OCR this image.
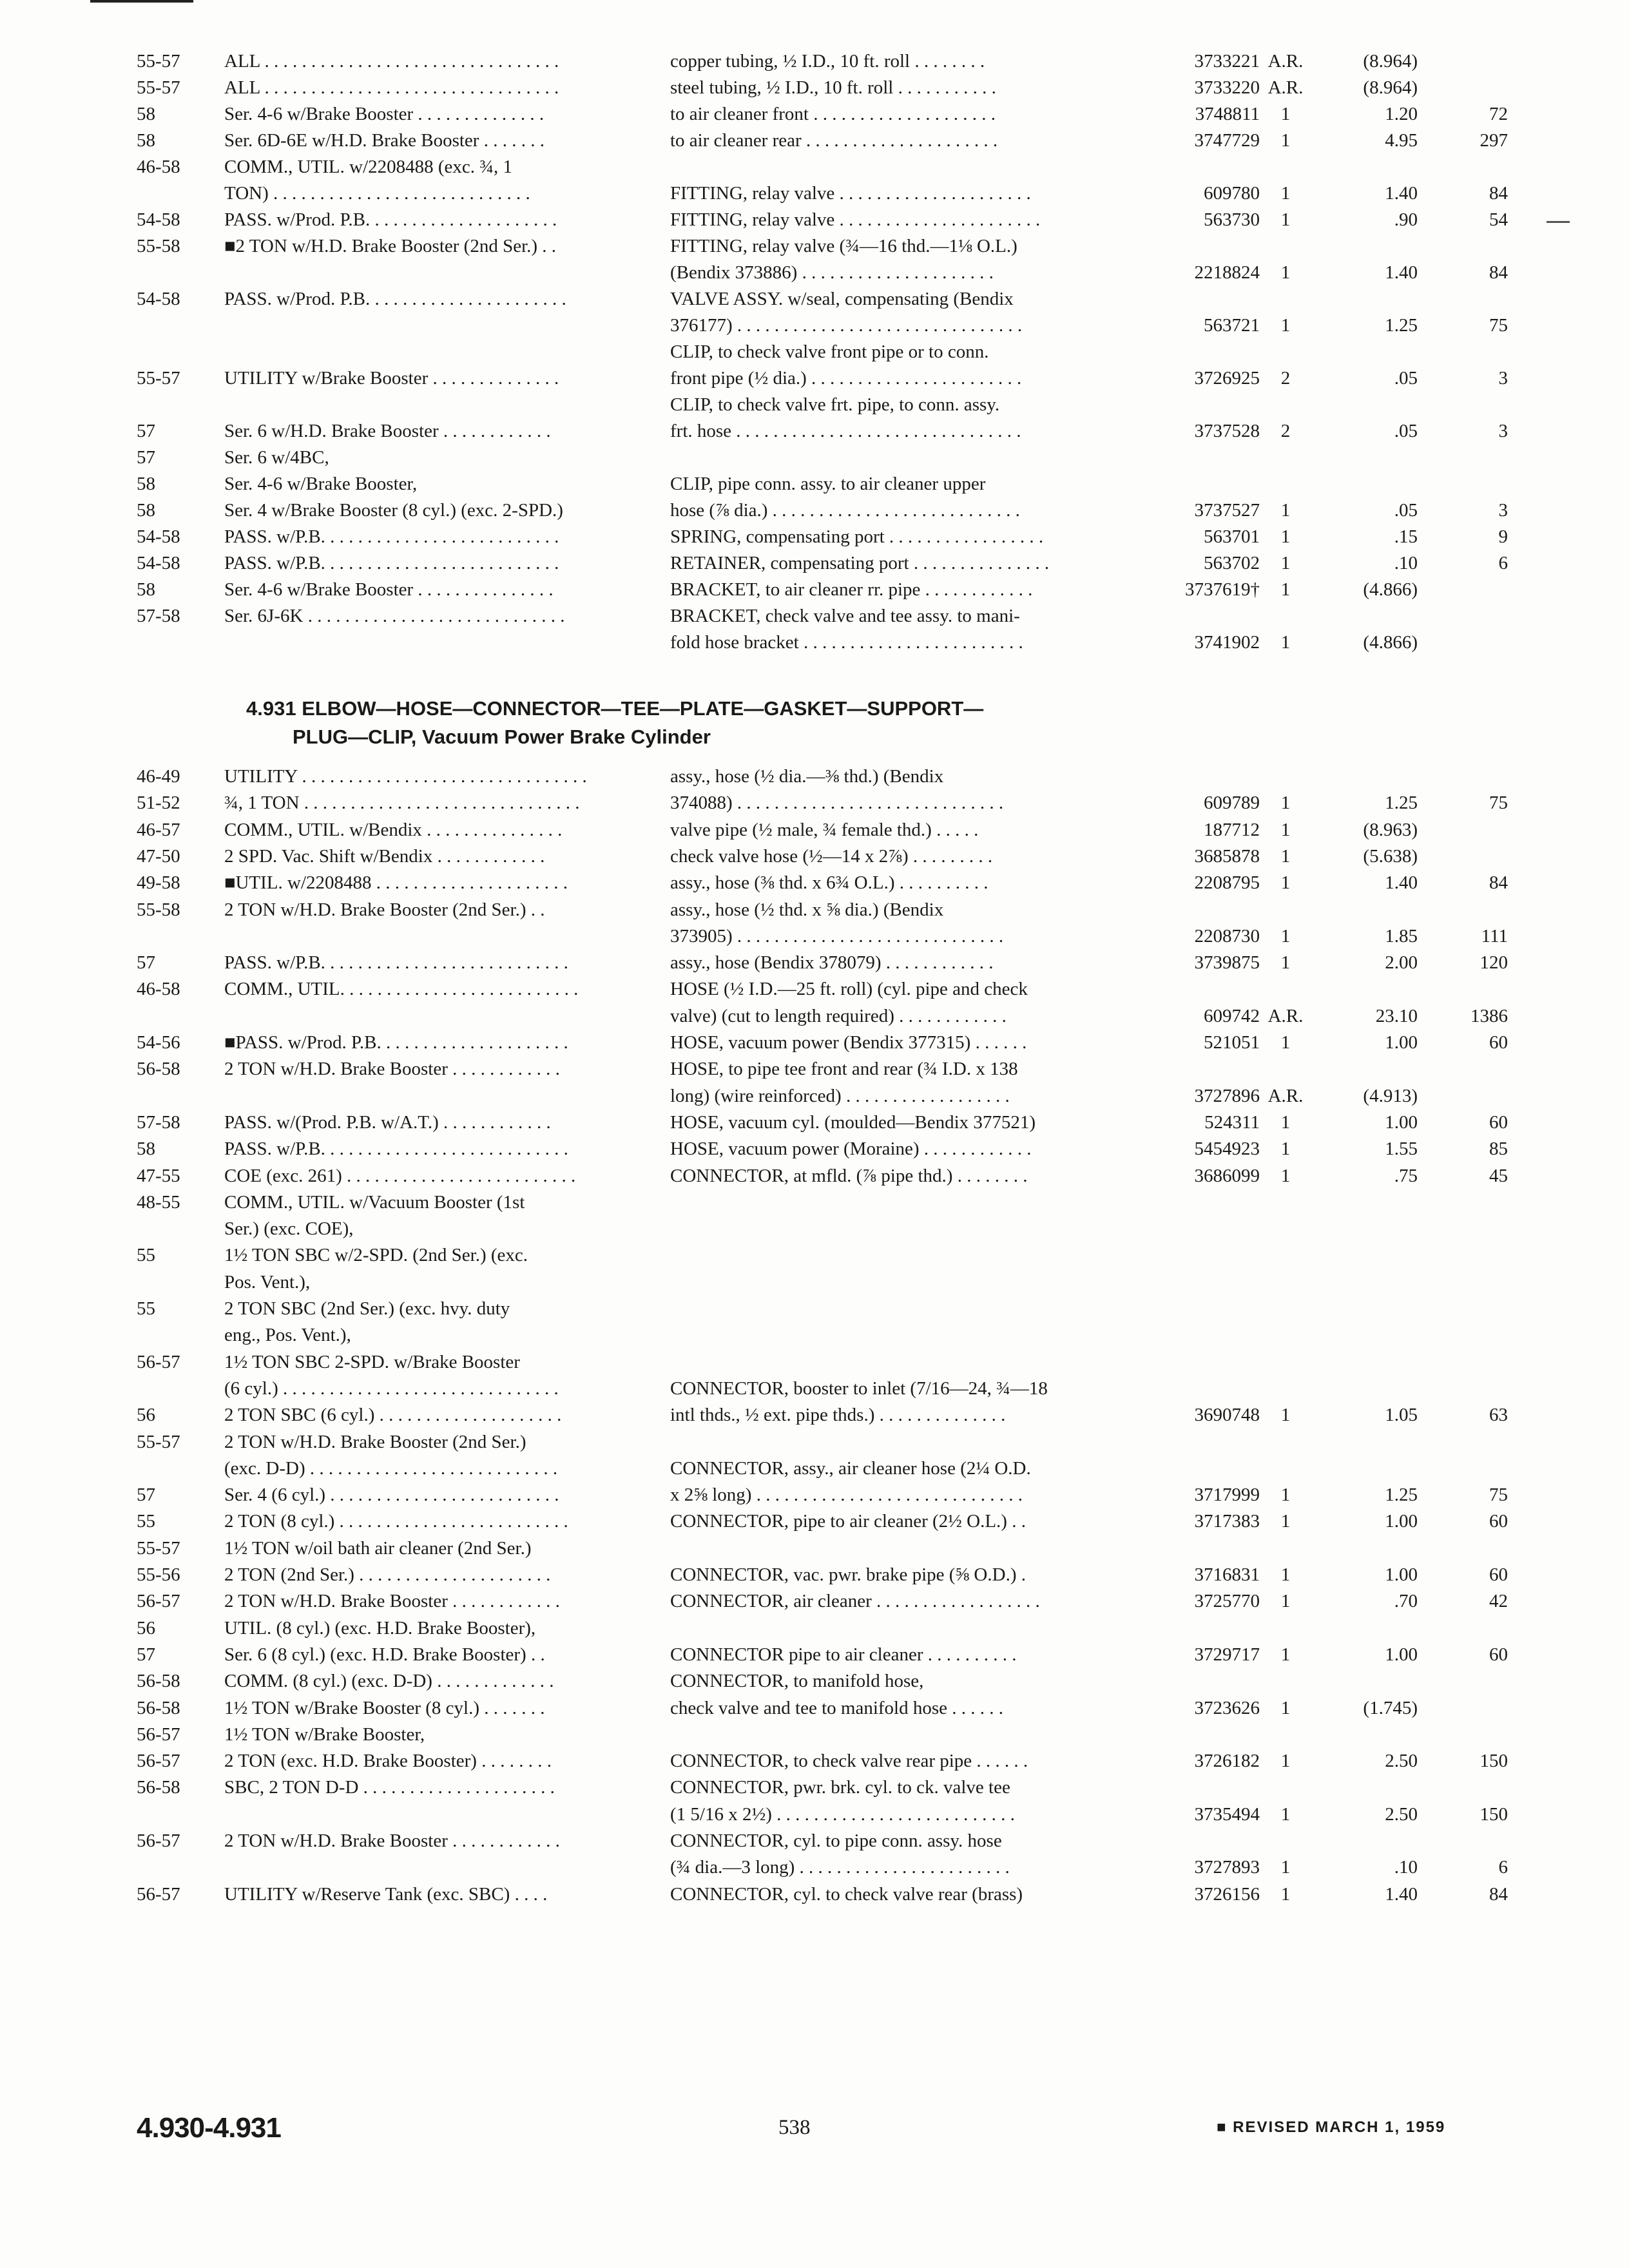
55-57 ALL . . . . . . . . . . . . . . . . . . . . . . . . . . . . . . . .	copper tubing, ½ I.D., 10 ft. roll . . . . . . . .	3733221 A.R.	(8.964)
55-57 ALL . . . . . . . . . . . . . . . . . . . . . . . . . . . . . . . .	steel tubing, ½ I.D., 10 ft. roll . . . . . . . . . . .	3733220 A.R.	(8.964)
58	Ser. 4-6 w/Brake Booster . . . . . . . . . . . . . .	to air cleaner front . . . . . . . . . . . . . . . . . . . .	3748811	1	1.20	72
58	Ser. 6D-6E w/H.D. Brake Booster . . . . . . .	to air cleaner rear . . . . . . . . . . . . . . . . . . . . .	3747729	1	4.95	297
46-58 COMM., UTIL. w/2208488 (exc. ¾, 1
TON) . . . . . . . . . . . . . . . . . . . . . . . . . . . .	FITTING, relay valve . . . . . . . . . . . . . . . . . . . . .	609780	1	1.40	84
54-58 PASS. w/Prod. P.B. . . . . . . . . . . . . . . . . . . . .	FITTING, relay valve . . . . . . . . . . . . . . . . . . . . . .	563730	1	.90	54
55-58 ■2 TON w/H.D. Brake Booster (2nd Ser.) . .	FITTING, relay valve (¾—16 thd.—1⅛ O.L.)
(Bendix 373886) . . . . . . . . . . . . . . . . . . . . .	2218824	1	1.40	84
54-58 PASS. w/Prod. P.B. . . . . . . . . . . . . . . . . . . . . .	VALVE ASSY. w/seal, compensating (Bendix
376177) . . . . . . . . . . . . . . . . . . . . . . . . . . . . . . .	563721	1	1.25	75
CLIP, to check valve front pipe or to conn.
55-57 UTILITY w/Brake Booster . . . . . . . . . . . . . .	front pipe (½ dia.) . . . . . . . . . . . . . . . . . . . . . . .	3726925	2	.05	3
CLIP, to check valve frt. pipe, to conn. assy.
57	Ser. 6 w/H.D. Brake Booster . . . . . . . . . . . .	frt. hose . . . . . . . . . . . . . . . . . . . . . . . . . . . . . . .	3737528	2	.05	3
57	Ser. 6 w/4BC,
58	Ser. 4-6 w/Brake Booster,	CLIP, pipe conn. assy. to air cleaner upper
58	Ser. 4 w/Brake Booster (8 cyl.) (exc. 2-SPD.)	hose (⅞ dia.) . . . . . . . . . . . . . . . . . . . . . . . . . . .	3737527	1	.05	3
54-58 PASS. w/P.B. . . . . . . . . . . . . . . . . . . . . . . . . .	SPRING, compensating port . . . . . . . . . . . . . . . . .	563701	1	.15	9
54-58 PASS. w/P.B. . . . . . . . . . . . . . . . . . . . . . . . . .	RETAINER, compensating port . . . . . . . . . . . . . . .	563702	1	.10	6
58	Ser. 4-6 w/Brake Booster . . . . . . . . . . . . . . .	BRACKET, to air cleaner rr. pipe . . . . . . . . . . . .	3737619†	1	(4.866)
57-58 Ser. 6J-6K . . . . . . . . . . . . . . . . . . . . . . . . . . . .	BRACKET, check valve and tee assy. to mani-
fold hose bracket . . . . . . . . . . . . . . . . . . . . . . . .	3741902	1	(4.866)
4.931 ELBOW—HOSE—CONNECTOR—TEE—PLATE—GASKET—SUPPORT—
PLUG—CLIP, Vacuum Power Brake Cylinder
46-49 UTILITY . . . . . . . . . . . . . . . . . . . . . . . . . . . . . . .	assy., hose (½ dia.—⅜ thd.) (Bendix
51-52 ¾, 1 TON . . . . . . . . . . . . . . . . . . . . . . . . . . . . . .	374088) . . . . . . . . . . . . . . . . . . . . . . . . . . . . .	609789	1	1.25	75
46-57 COMM., UTIL. w/Bendix . . . . . . . . . . . . . . .	valve pipe (½ male, ¾ female thd.) . . . . .	187712	1	(8.963)
47-50 2 SPD. Vac. Shift w/Bendix . . . . . . . . . . . .	check valve hose (½—14 x 2⅞) . . . . . . . . .	3685878	1	(5.638)
49-58 ■UTIL. w/2208488 . . . . . . . . . . . . . . . . . . . . .	assy., hose (⅜ thd. x 6¾ O.L.) . . . . . . . . . .	2208795	1	1.40	84
55-58 2 TON w/H.D. Brake Booster (2nd Ser.) . .	assy., hose (½ thd. x ⅝ dia.) (Bendix
373905) . . . . . . . . . . . . . . . . . . . . . . . . . . . . .	2208730	1	1.85	111
57	PASS. w/P.B. . . . . . . . . . . . . . . . . . . . . . . . . . .	assy., hose (Bendix 378079) . . . . . . . . . . . .	3739875	1	2.00	120
46-58 COMM., UTIL. . . . . . . . . . . . . . . . . . . . . . . . . .	HOSE (½ I.D.—25 ft. roll) (cyl. pipe and check
valve) (cut to length required) . . . . . . . . . . . .	609742 A.R.	23.10	1386
54-56 ■PASS. w/Prod. P.B. . . . . . . . . . . . . . . . . . . . .	HOSE, vacuum power (Bendix 377315) . . . . . .	521051	1	1.00	60
56-58 2 TON w/H.D. Brake Booster . . . . . . . . . . . .	HOSE, to pipe tee front and rear (¾ I.D. x 138
long) (wire reinforced) . . . . . . . . . . . . . . . . . .	3727896 A.R.	(4.913)
57-58 PASS. w/(Prod. P.B. w/A.T.) . . . . . . . . . . . .	HOSE, vacuum cyl. (moulded—Bendix 377521)	524311	1	1.00	60
58	PASS. w/P.B. . . . . . . . . . . . . . . . . . . . . . . . . . .	HOSE, vacuum power (Moraine) . . . . . . . . . . . .	5454923	1	1.55	85
47-55 COE (exc. 261) . . . . . . . . . . . . . . . . . . . . . . . . .	CONNECTOR, at mfld. (⅞ pipe thd.) . . . . . . . .	3686099	1	.75	45
48-55 COMM., UTIL. w/Vacuum Booster (1st
Ser.) (exc. COE),
55	1½ TON SBC w/2-SPD. (2nd Ser.) (exc.
Pos. Vent.),
55	2 TON SBC (2nd Ser.) (exc. hvy. duty
eng., Pos. Vent.),
56-57 1½ TON SBC 2-SPD. w/Brake Booster
(6 cyl.) . . . . . . . . . . . . . . . . . . . . . . . . . . . . . .	CONNECTOR, booster to inlet (7/16—24, ¾—18
56	2 TON SBC (6 cyl.) . . . . . . . . . . . . . . . . . . . .	intl thds., ½ ext. pipe thds.) . . . . . . . . . . . . . .	3690748	1	1.05	63
55-57 2 TON w/H.D. Brake Booster (2nd Ser.)
(exc. D-D) . . . . . . . . . . . . . . . . . . . . . . . . . . .	CONNECTOR, assy., air cleaner hose (2¼ O.D.
57	Ser. 4 (6 cyl.) . . . . . . . . . . . . . . . . . . . . . . . . .	x 2⅝ long) . . . . . . . . . . . . . . . . . . . . . . . . . . . . .	3717999	1	1.25	75
55	2 TON (8 cyl.) . . . . . . . . . . . . . . . . . . . . . . . . .	CONNECTOR, pipe to air cleaner (2½ O.L.) . .	3717383	1	1.00	60
55-57 1½ TON w/oil bath air cleaner (2nd Ser.)
55-56 2 TON (2nd Ser.) . . . . . . . . . . . . . . . . . . . . .	CONNECTOR, vac. pwr. brake pipe (⅝ O.D.) .	3716831	1	1.00	60
56-57 2 TON w/H.D. Brake Booster . . . . . . . . . . . .	CONNECTOR, air cleaner . . . . . . . . . . . . . . . . . .	3725770	1	.70	42
56	UTIL. (8 cyl.) (exc. H.D. Brake Booster),
57	Ser. 6 (8 cyl.) (exc. H.D. Brake Booster) . .	CONNECTOR pipe to air cleaner . . . . . . . . . .	3729717	1	1.00	60
56-58 COMM. (8 cyl.) (exc. D-D) . . . . . . . . . . . . .	CONNECTOR, to manifold hose,
56-58 1½ TON w/Brake Booster (8 cyl.) . . . . . . .	check valve and tee to manifold hose . . . . . .	3723626	1	(1.745)
56-57 1½ TON w/Brake Booster,
56-57 2 TON (exc. H.D. Brake Booster) . . . . . . . .	CONNECTOR, to check valve rear pipe . . . . . .	3726182	1	2.50	150
56-58 SBC, 2 TON D-D . . . . . . . . . . . . . . . . . . . . .	CONNECTOR, pwr. brk. cyl. to ck. valve tee
(1 5/16 x 2½) . . . . . . . . . . . . . . . . . . . . . . . . . .	3735494	1	2.50	150
56-57 2 TON w/H.D. Brake Booster . . . . . . . . . . . .	CONNECTOR, cyl. to pipe conn. assy. hose
(¾ dia.—3 long) . . . . . . . . . . . . . . . . . . . . . . .	3727893	1	.10	6
56-57 UTILITY w/Reserve Tank (exc. SBC) . . . .	CONNECTOR, cyl. to check valve rear (brass)	3726156	1	1.40	84
4.930-4.931	538	■ REVISED MARCH 1, 1959
